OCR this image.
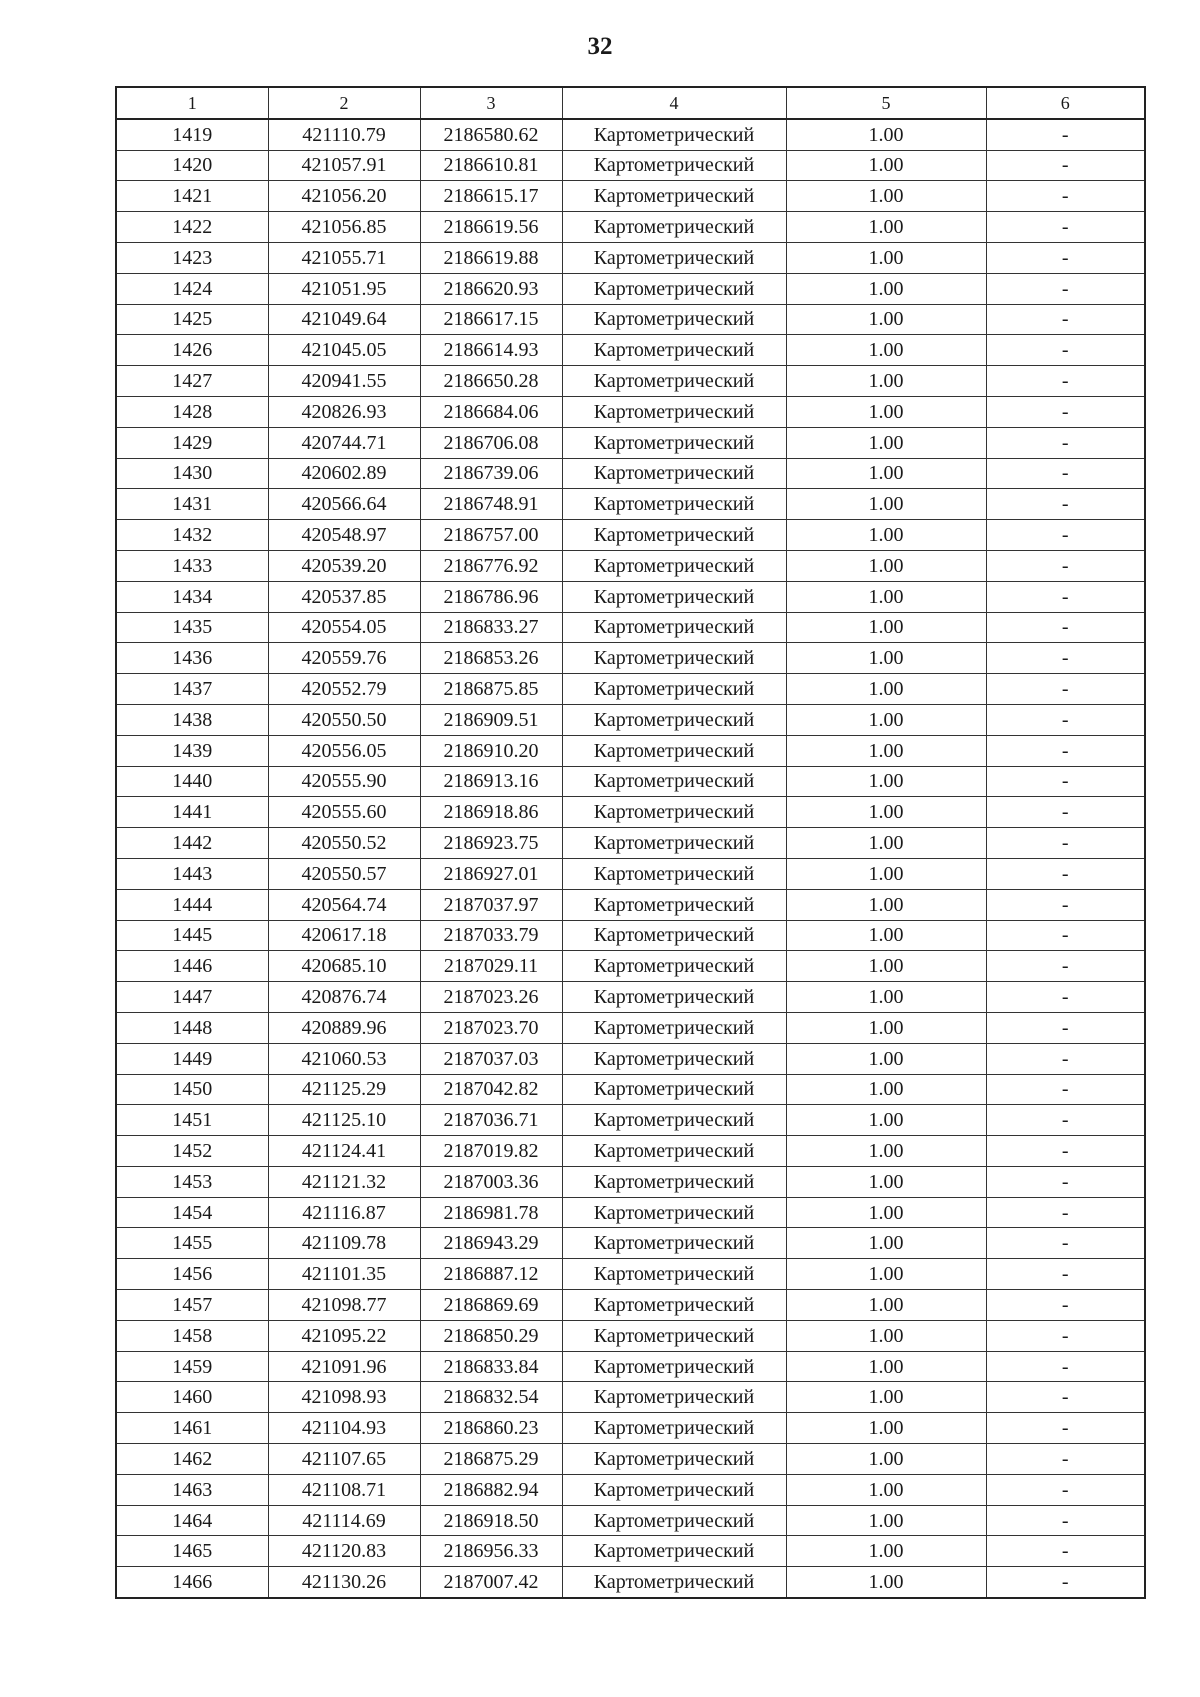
32
1	2	3	4	5	6
1419	421110.79	2186580.62	Картометрический	1.00	-
1420	421057.91	2186610.81	Картометрический	1.00	-
1421	421056.20	2186615.17	Картометрический	1.00	-
1422	421056.85	2186619.56	Картометрический	1.00	-
1423	421055.71	2186619.88	Картометрический	1.00	-
1424	421051.95	2186620.93	Картометрический	1.00	-
1425	421049.64	2186617.15	Картометрический	1.00	-
1426	421045.05	2186614.93	Картометрический	1.00	-
1427	420941.55	2186650.28	Картометрический	1.00	-
1428	420826.93	2186684.06	Картометрический	1.00	-
1429	420744.71	2186706.08	Картометрический	1.00	-
1430	420602.89	2186739.06	Картометрический	1.00	-
1431	420566.64	2186748.91	Картометрический	1.00	-
1432	420548.97	2186757.00	Картометрический	1.00	-
1433	420539.20	2186776.92	Картометрический	1.00	-
1434	420537.85	2186786.96	Картометрический	1.00	-
1435	420554.05	2186833.27	Картометрический	1.00	-
1436	420559.76	2186853.26	Картометрический	1.00	-
1437	420552.79	2186875.85	Картометрический	1.00	-
1438	420550.50	2186909.51	Картометрический	1.00	-
1439	420556.05	2186910.20	Картометрический	1.00	-
1440	420555.90	2186913.16	Картометрический	1.00	-
1441	420555.60	2186918.86	Картометрический	1.00	-
1442	420550.52	2186923.75	Картометрический	1.00	-
1443	420550.57	2186927.01	Картометрический	1.00	-
1444	420564.74	2187037.97	Картометрический	1.00	-
1445	420617.18	2187033.79	Картометрический	1.00	-
1446	420685.10	2187029.11	Картометрический	1.00	-
1447	420876.74	2187023.26	Картометрический	1.00	-
1448	420889.96	2187023.70	Картометрический	1.00	-
1449	421060.53	2187037.03	Картометрический	1.00	-
1450	421125.29	2187042.82	Картометрический	1.00	-
1451	421125.10	2187036.71	Картометрический	1.00	-
1452	421124.41	2187019.82	Картометрический	1.00	-
1453	421121.32	2187003.36	Картометрический	1.00	-
1454	421116.87	2186981.78	Картометрический	1.00	-
1455	421109.78	2186943.29	Картометрический	1.00	-
1456	421101.35	2186887.12	Картометрический	1.00	-
1457	421098.77	2186869.69	Картометрический	1.00	-
1458	421095.22	2186850.29	Картометрический	1.00	-
1459	421091.96	2186833.84	Картометрический	1.00	-
1460	421098.93	2186832.54	Картометрический	1.00	-
1461	421104.93	2186860.23	Картометрический	1.00	-
1462	421107.65	2186875.29	Картометрический	1.00	-
1463	421108.71	2186882.94	Картометрический	1.00	-
1464	421114.69	2186918.50	Картометрический	1.00	-
1465	421120.83	2186956.33	Картометрический	1.00	-
1466	421130.26	2187007.42	Картометрический	1.00	-
